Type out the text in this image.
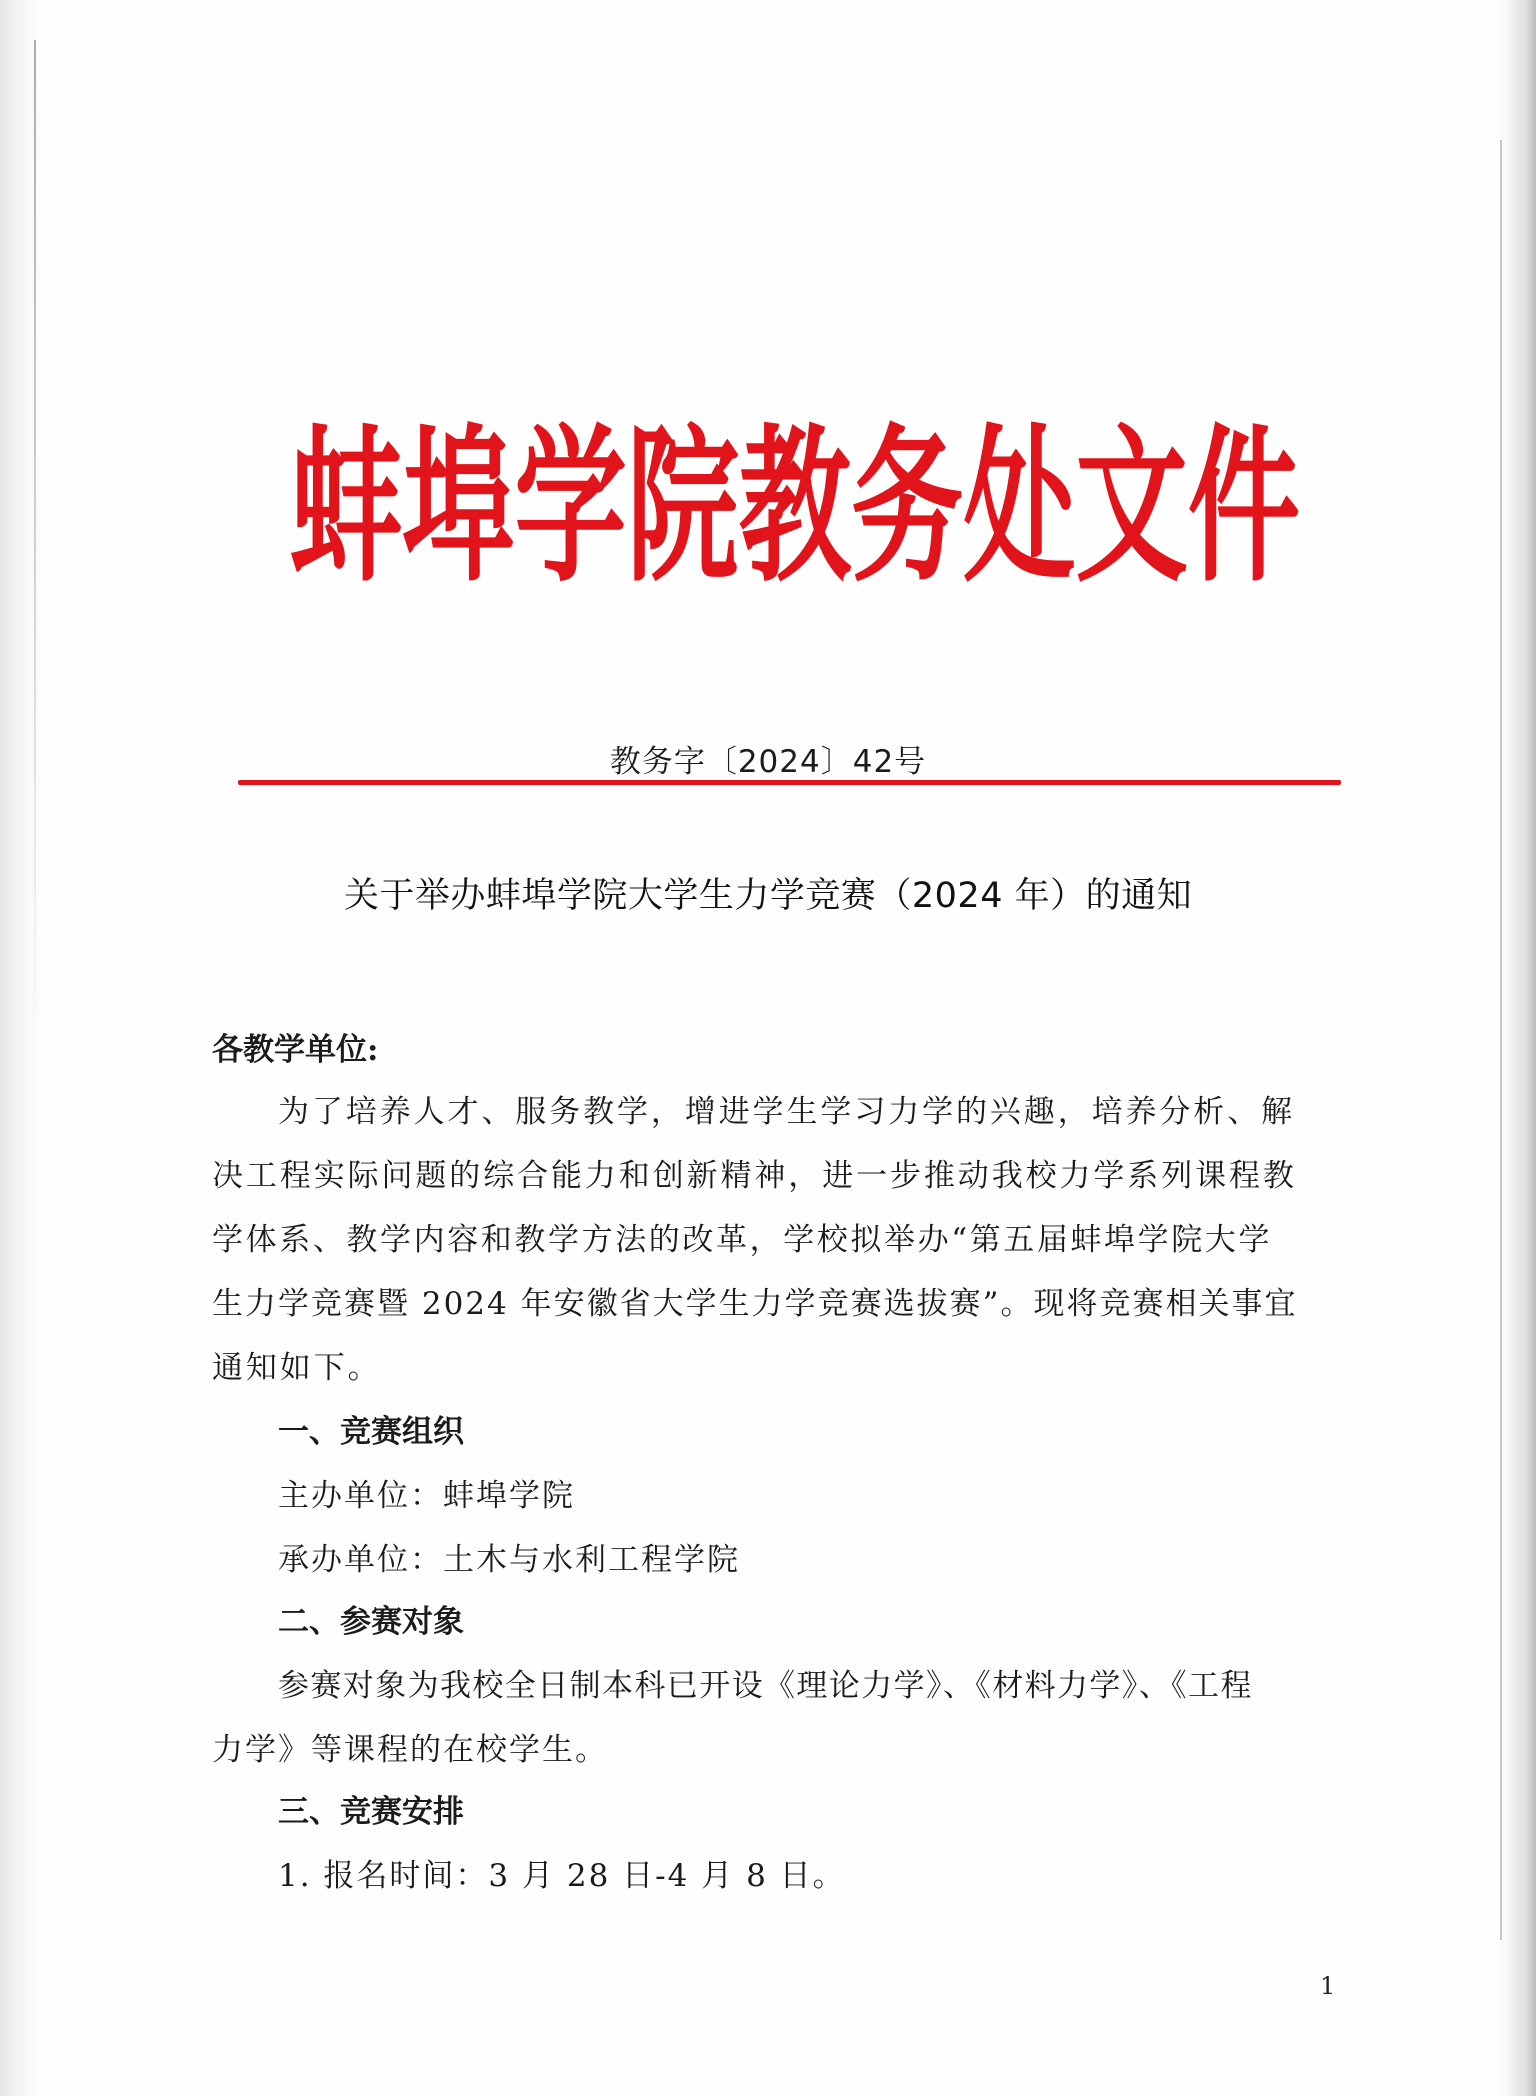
蚌埠学院教务处文件
教务字〔2024〕42号
关于举办蚌埠学院大学生力学竞赛（2024 年）的通知
各教学单位:
为了培养人才、服务教学，增进学生学习力学的兴趣，培养分析、解
决工程实际问题的综合能力和创新精神，进一步推动我校力学系列课程教
学体系、教学内容和教学方法的改革，学校拟举办“第五届蚌埠学院大学
生力学竞赛暨 2024 年安徽省大学生力学竞赛选拔赛”。现将竞赛相关事宜
通知如下。
一、竞赛组织
主办单位：蚌埠学院
承办单位：土木与水利工程学院
二、参赛对象
参赛对象为我校全日制本科已开设《理论力学》、《材料力学》、《工程
力学》等课程的在校学生。
三、竞赛安排
1. 报名时间：3 月 28 日-4 月 8 日。
1
